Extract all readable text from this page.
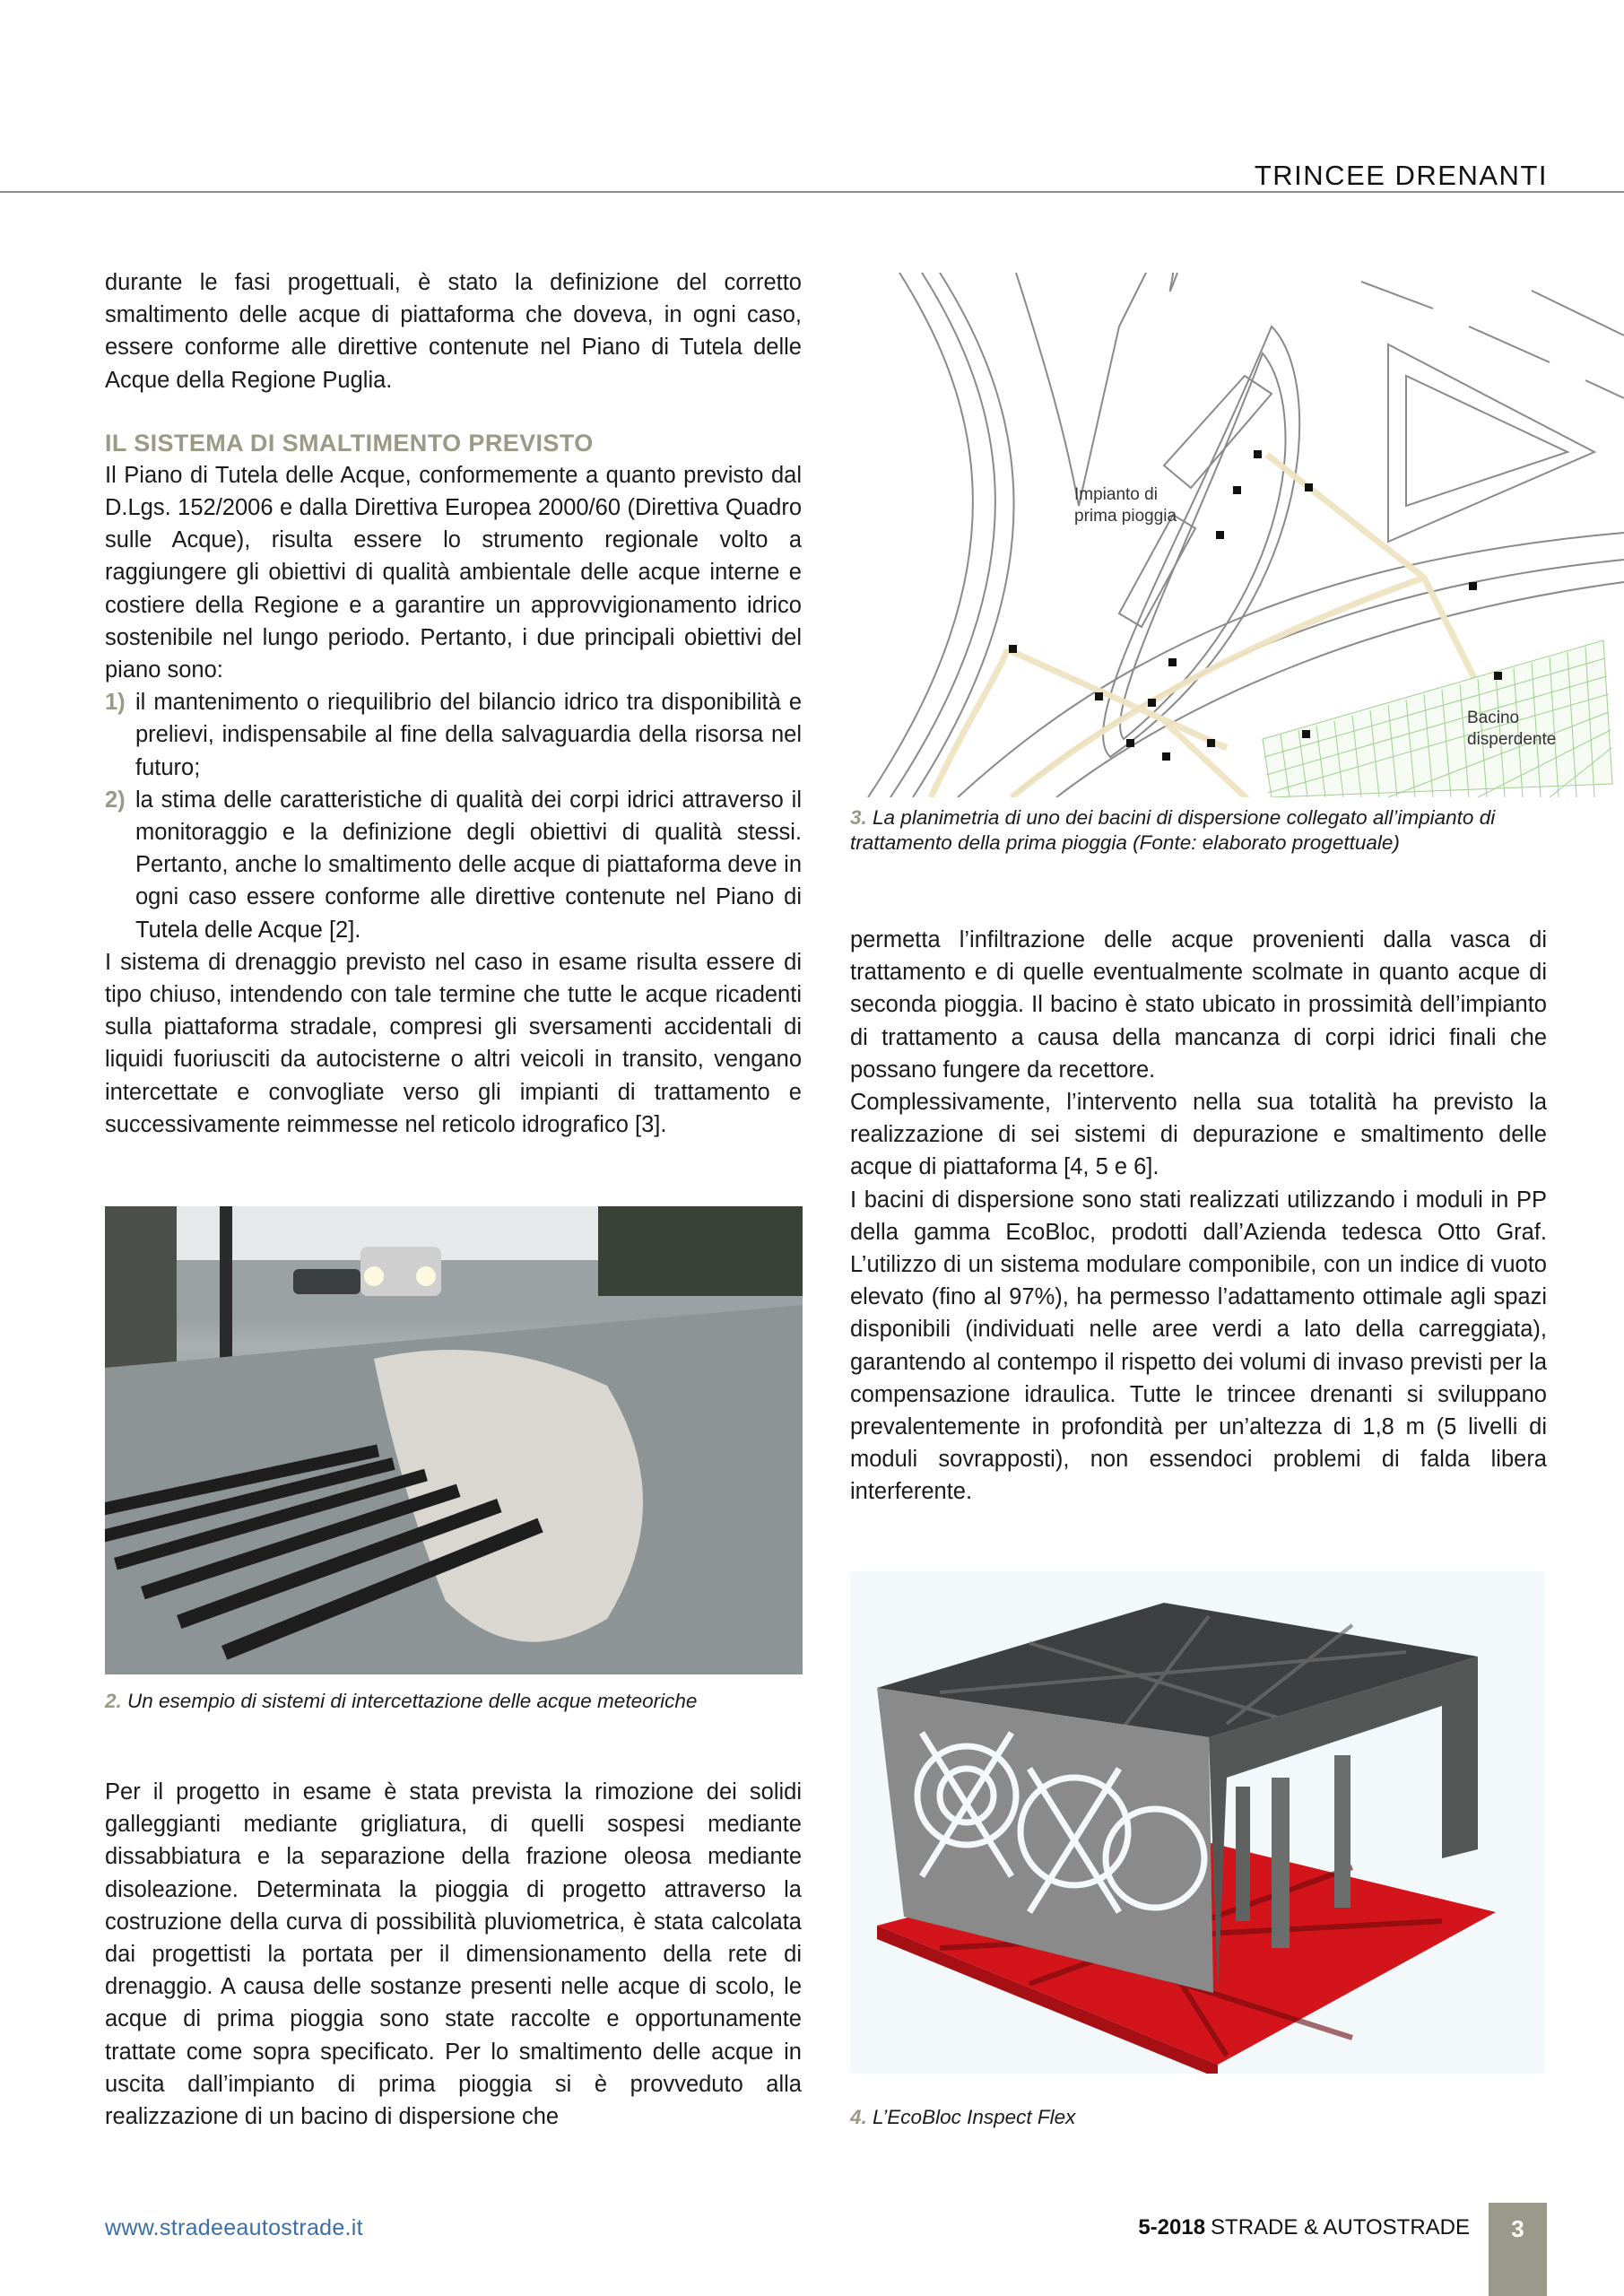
TRINCEE DRENANTI

durante le fasi progettuali, è stato la definizione del corretto smaltimento delle acque di piattaforma che doveva, in ogni caso, essere conforme alle direttive contenute nel Piano di Tutela delle Acque della Regione Puglia.

IL SISTEMA DI SMALTIMENTO PREVISTO

Il Piano di Tutela delle Acque, conformemente a quanto previsto dal D.Lgs. 152/2006 e dalla Direttiva Europea 2000/60 (Direttiva Quadro sulle Acque), risulta essere lo strumento regionale volto a raggiungere gli obiettivi di qualità ambientale delle acque interne e costiere della Regione e a garantire un approvvigionamento idrico sostenibile nel lungo periodo. Pertanto, i due principali obiettivi del piano sono:

1) il mantenimento o riequilibrio del bilancio idrico tra disponibilità e prelievi, indispensabile al fine della salvaguardia della risorsa nel futuro;
2) la stima delle caratteristiche di qualità dei corpi idrici attraverso il monitoraggio e la definizione degli obiettivi di qualità stessi. Pertanto, anche lo smaltimento delle acque di piattaforma deve in ogni caso essere conforme alle direttive contenute nel Piano di Tutela delle Acque [2].

I sistema di drenaggio previsto nel caso in esame risulta essere di tipo chiuso, intendendo con tale termine che tutte le acque ricadenti sulla piattaforma stradale, compresi gli sversamenti accidentali di liquidi fuoriusciti da autocisterne o altri veicoli in transito, vengano intercettate e convogliate verso gli impianti di trattamento e successivamente reimmesse nel reticolo idrografico [3].

2. Un esempio di sistemi di intercettazione delle acque meteoriche

Per il progetto in esame è stata prevista la rimozione dei solidi galleggianti mediante grigliatura, di quelli sospesi mediante dissabbiatura e la separazione della frazione oleosa mediante disoleazione. Determinata la pioggia di progetto attraverso la costruzione della curva di possibilità pluviometrica, è stata calcolata dai progettisti la portata per il dimensionamento della rete di drenaggio. A causa delle sostanze presenti nelle acque di scolo, le acque di prima pioggia sono state raccolte e opportunamente trattate come sopra specificato. Per lo smaltimento delle acque in uscita dall’impianto di prima pioggia si è provveduto alla realizzazione di un bacino di dispersione che

Impianto di
prima pioggia
Bacino
disperdente
3. La planimetria di uno dei bacini di dispersione collegato all’impianto di trattamento della prima pioggia (Fonte: elaborato progettuale)

permetta l’infiltrazione delle acque provenienti dalla vasca di trattamento e di quelle eventualmente scolmate in quanto acque di seconda pioggia. Il bacino è stato ubicato in prossimità dell’impianto di trattamento a causa della mancanza di corpi idrici finali che possano fungere da recettore.

Complessivamente, l’intervento nella sua totalità ha previsto la realizzazione di sei sistemi di depurazione e smaltimento delle acque di piattaforma [4, 5 e 6].

I bacini di dispersione sono stati realizzati utilizzando i moduli in PP della gamma EcoBloc, prodotti dall’Azienda tedesca Otto Graf. L’utilizzo di un sistema modulare componibile, con un indice di vuoto elevato (fino al 97%), ha permesso l’adattamento ottimale agli spazi disponibili (individuati nelle aree verdi a lato della carreggiata), garantendo al contempo il rispetto dei volumi di invaso previsti per la compensazione idraulica. Tutte le trincee drenanti si sviluppano prevalentemente in profondità per un’altezza di 1,8 m (5 livelli di moduli sovrapposti), non essendoci problemi di falda libera interferente.

4. L’EcoBloc Inspect Flex
www.stradeeautostrade.it	5-2018 STRADE & AUTOSTRADE	3
